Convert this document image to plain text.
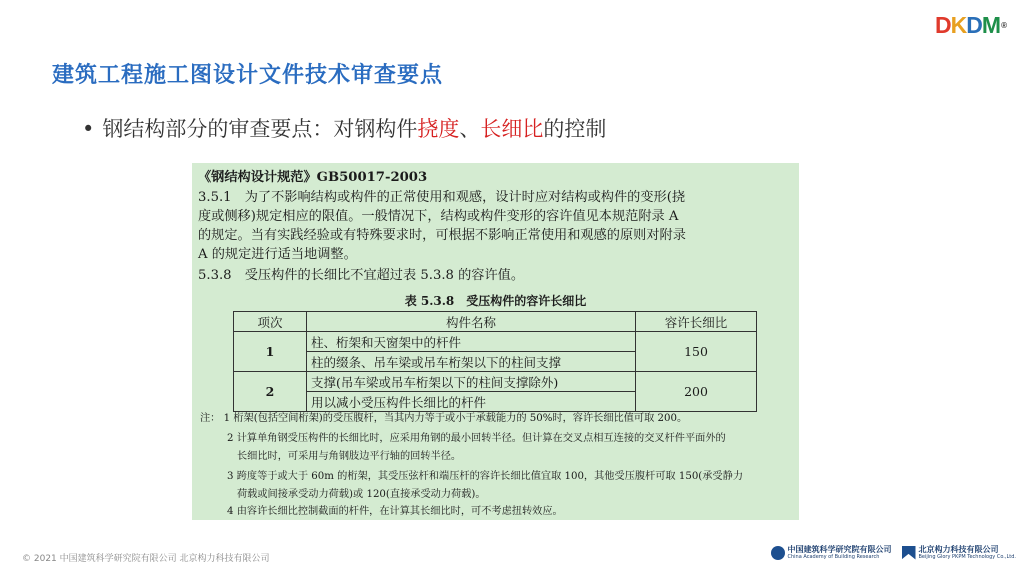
D K D M ®
建筑工程施工图设计文件技术审查要点
• 钢结构部分的审查要点：对钢构件挠度、长细比的控制
《钢结构设计规范》GB50017-2003
3.5.1　为了不影响结构或构件的正常使用和观感，设计时应对结构或构件的变形(挠
度或侧移)规定相应的限值。一般情况下，结构或构件变形的容许值见本规范附录 A
的规定。当有实践经验或有特殊要求时，可根据不影响正常使用和观感的原则对附录
A 的规定进行适当地调整。
5.3.8　受压构件的长细比不宜超过表 5.3.8 的容许值。
表 5.3.8　受压构件的容许长细比
项次	构件名称	容许长细比
1	柱、桁架和天窗架中的杆件	150
	柱的缀条、吊车梁或吊车桁架以下的柱间支撑	
2	支撑(吊车梁或吊车桁架以下的柱间支撑除外)	200
	用以减小受压构件长细比的杆件	
注： 1 桁架(包括空间桁架)的受压腹杆，当其内力等于或小于承载能力的 50%时，容许长细比值可取 200。
2 计算单角钢受压构件的长细比时，应采用角钢的最小回转半径。但计算在交叉点相互连接的交叉杆件平面外的
长细比时，可采用与角钢肢边平行轴的回转半径。
3 跨度等于或大于 60m 的桁架，其受压弦杆和端压杆的容许长细比值宜取 100，其他受压腹杆可取 150(承受静力
荷载或间接承受动力荷载)或 120(直接承受动力荷载)。
4 由容许长细比控制截面的杆件，在计算其长细比时，可不考虑扭转效应。
© 2021 中国建筑科学研究院有限公司 北京构力科技有限公司
中国建筑科学研究院有限公司
China Academy of Building Research
北京构力科技有限公司
Beijing Glory PKPM Technology Co.,Ltd.
